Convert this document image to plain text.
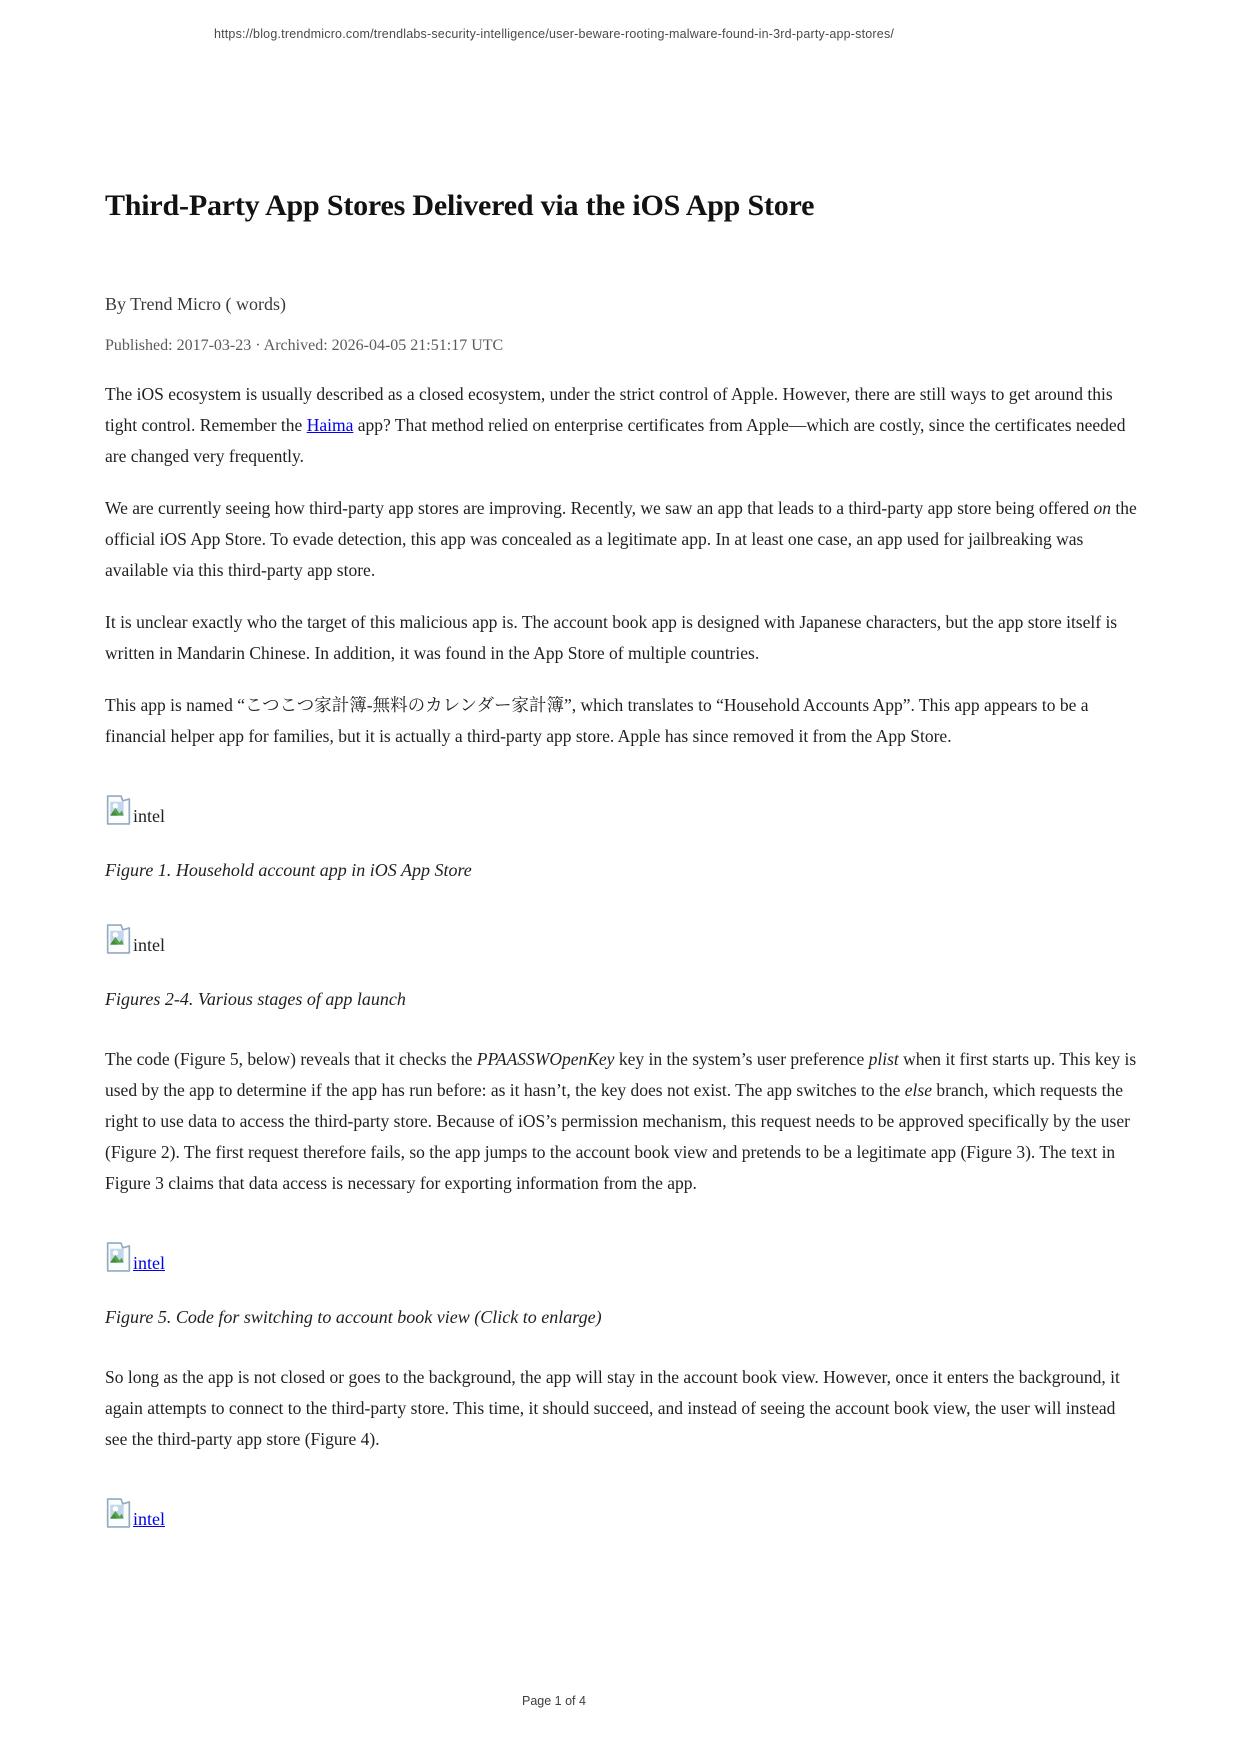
https://blog.trendmicro.com/trendlabs-security-intelligence/user-beware-rooting-malware-found-in-3rd-party-app-stores/
Third-Party App Stores Delivered via the iOS App Store
By Trend Micro ( words)
Published: 2017-03-23 · Archived: 2026-04-05 21:51:17 UTC

The iOS ecosystem is usually described as a closed ecosystem, under the strict control of Apple. However, there are still ways to get around this tight control. Remember the Haima app? That method relied on enterprise certificates from Apple—which are costly, since the certificates needed are changed very frequently.

We are currently seeing how third-party app stores are improving. Recently, we saw an app that leads to a third-party app store being offered on the official iOS App Store. To evade detection, this app was concealed as a legitimate app. In at least one case, an app used for jailbreaking was available via this third-party app store.

It is unclear exactly who the target of this malicious app is. The account book app is designed with Japanese characters, but the app store itself is written in Mandarin Chinese. In addition, it was found in the App Store of multiple countries.

This app is named “こつこつ家計簿-無料のカレンダー家計簿”, which translates to “Household Accounts App”. This app appears to be a financial helper app for families, but it is actually a third-party app store. Apple has since removed it from the App Store.

intel
Figure 1. Household account app in iOS App Store
intel
Figures 2-4. Various stages of app launch

The code (Figure 5, below) reveals that it checks the PPAASSWOpenKey key in the system’s user preference plist when it first starts up. This key is used by the app to determine if the app has run before: as it hasn’t, the key does not exist. The app switches to the else branch, which requests the right to use data to access the third-party store. Because of iOS’s permission mechanism, this request needs to be approved specifically by the user (Figure 2). The first request therefore fails, so the app jumps to the account book view and pretends to be a legitimate app (Figure 3). The text in Figure 3 claims that data access is necessary for exporting information from the app.

intel
Figure 5. Code for switching to account book view (Click to enlarge)

So long as the app is not closed or goes to the background, the app will stay in the account book view. However, once it enters the background, it again attempts to connect to the third-party store. This time, it should succeed, and instead of seeing the account book view, the user will instead see the third-party app store (Figure 4).

intel
Page 1 of 4
